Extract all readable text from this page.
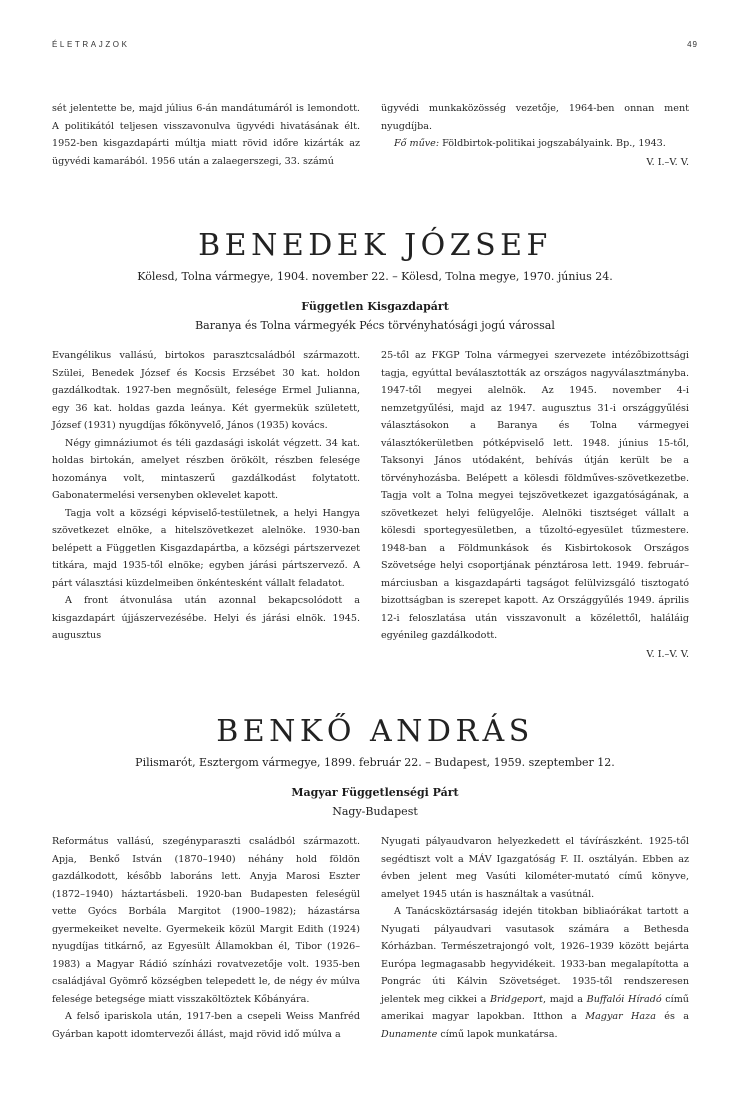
ÉLETRAJZOK	49

sét jelentette be, majd július 6-án mandátumáról is lemondott. A politikától teljesen visszavonulva ügyvédi hivatásának élt. 1952-ben kisgazdapárti múltja miatt rövid időre kizárták az ügyvédi kamarából. 1956 után a zalaegerszegi, 33. számú

ügyvédi munkaközösség vezetője, 1964-ben onnan ment nyugdíjba.

Fő műve: Földbirtok-politikai jogszabályaink. Bp., 1943.

V. I.–V. V.

BENEDEK JÓZSEF
Kölesd, Tolna vármegye, 1904. november 22. – Kölesd, Tolna megye, 1970. június 24.
Független Kisgazdapárt
Baranya és Tolna vármegyék Pécs törvényhatósági jogú várossal

Evangélikus vallású, birtokos parasztcsaládból származott. Szülei, Benedek József és Kocsis Erzsébet 30 kat. holdon gazdálkodtak. 1927-ben megnősült, felesége Ermel Julianna, egy 36 kat. holdas gazda leánya. Két gyermekük született, József (1931) nyugdíjas főkönyvelő, János (1935) kovács.

Négy gimnáziumot és téli gazdasági iskolát végzett. 34 kat. holdas birtokán, amelyet részben örökölt, részben felesége hozománya volt, mintaszerű gazdálkodást folytatott. Gabonatermelési versenyben oklevelet kapott.

Tagja volt a községi képviselő-testületnek, a helyi Hangya szövetkezet elnöke, a hitelszövetkezet alelnöke. 1930-ban belépett a Független Kisgazdapártba, a községi pártszervezet titkára, majd 1935-től elnöke; egyben járási pártszervező. A párt választási küzdelmeiben önkéntesként vállalt feladatot.

A front átvonulása után azonnal bekapcsolódott a kisgazdapárt újjászervezésébe. Helyi és járási elnök. 1945. augusztus

25-től az FKGP Tolna vármegyei szervezete intézőbizottsági tagja, egyúttal beválasztották az országos nagyválasztmányba. 1947-től megyei alelnök. Az 1945. november 4-i nemzetgyűlési, majd az 1947. augusztus 31-i országgyűlési választásokon a Baranya és Tolna vármegyei választókerületben pótképviselő lett. 1948. június 15-től, Taksonyi János utódaként, behívás útján került be a törvényhozásba. Belépett a kölesdi földműves-szövetkezetbe. Tagja volt a Tolna megyei tejszövetkezet igazgatóságának, a szövetkezet helyi felügyelője. Alelnöki tisztséget vállalt a kölesdi sportegyesületben, a tűzoltó-egyesület tűzmestere. 1948-ban a Földmunkások és Kisbirtokosok Országos Szövetsége helyi csoportjának pénztárosa lett. 1949. február–márciusban a kisgazdapárti tagságot felülvizsgáló tisztogató bizottságban is szerepet kapott. Az Országgyűlés 1949. április 12-i feloszlatása után visszavonult a közélettől, haláláig egyénileg gazdálkodott.

V. I.–V. V.

BENKŐ ANDRÁS
Pilismarót, Esztergom vármegye, 1899. február 22. – Budapest, 1959. szeptember 12.
Magyar Függetlenségi Párt
Nagy-Budapest

Református vallású, szegényparaszti családból származott. Apja, Benkő István (1870–1940) néhány hold földön gazdálkodott, később laboráns lett. Anyja Marosi Eszter (1872–1940) háztartásbeli. 1920-ban Budapesten feleségül vette Gyócs Borbála Margitot (1900–1982); házastársa gyermekeiket nevelte. Gyermekeik közül Margit Edith (1924) nyugdíjas titkárnő, az Egyesült Államokban él, Tibor (1926–1983) a Magyar Rádió színházi rovatvezetője volt. 1935-ben családjával Gyömrő községben telepedett le, de négy év múlva felesége betegsége miatt visszaköltöztek Kőbányára.

A felső ipariskola után, 1917-ben a csepeli Weiss Manfréd Gyárban kapott idomtervezői állást, majd rövid idő múlva a

Nyugati pályaudvaron helyezkedett el távírászként. 1925-től segédtiszt volt a MÁV Igazgatóság F. II. osztályán. Ebben az évben jelent meg Vasúti kilométer-mutató című könyve, amelyet 1945 után is használtak a vasútnál.

A Tanácsköztársaság idején titokban bibliaórákat tartott a Nyugati pályaudvari vasutasok számára a Bethesda Kórházban. Természetrajongó volt, 1926–1939 között bejárta Európa legmagasabb hegyvidékeit. 1933-ban megalapította a Pongrác úti Kálvin Szövetséget. 1935-től rendszeresen jelentek meg cikkei a Bridgeport, majd a Buffalói Híradó című amerikai magyar lapokban. Itthon a Magyar Haza és a Dunamente című lapok munkatársa.
